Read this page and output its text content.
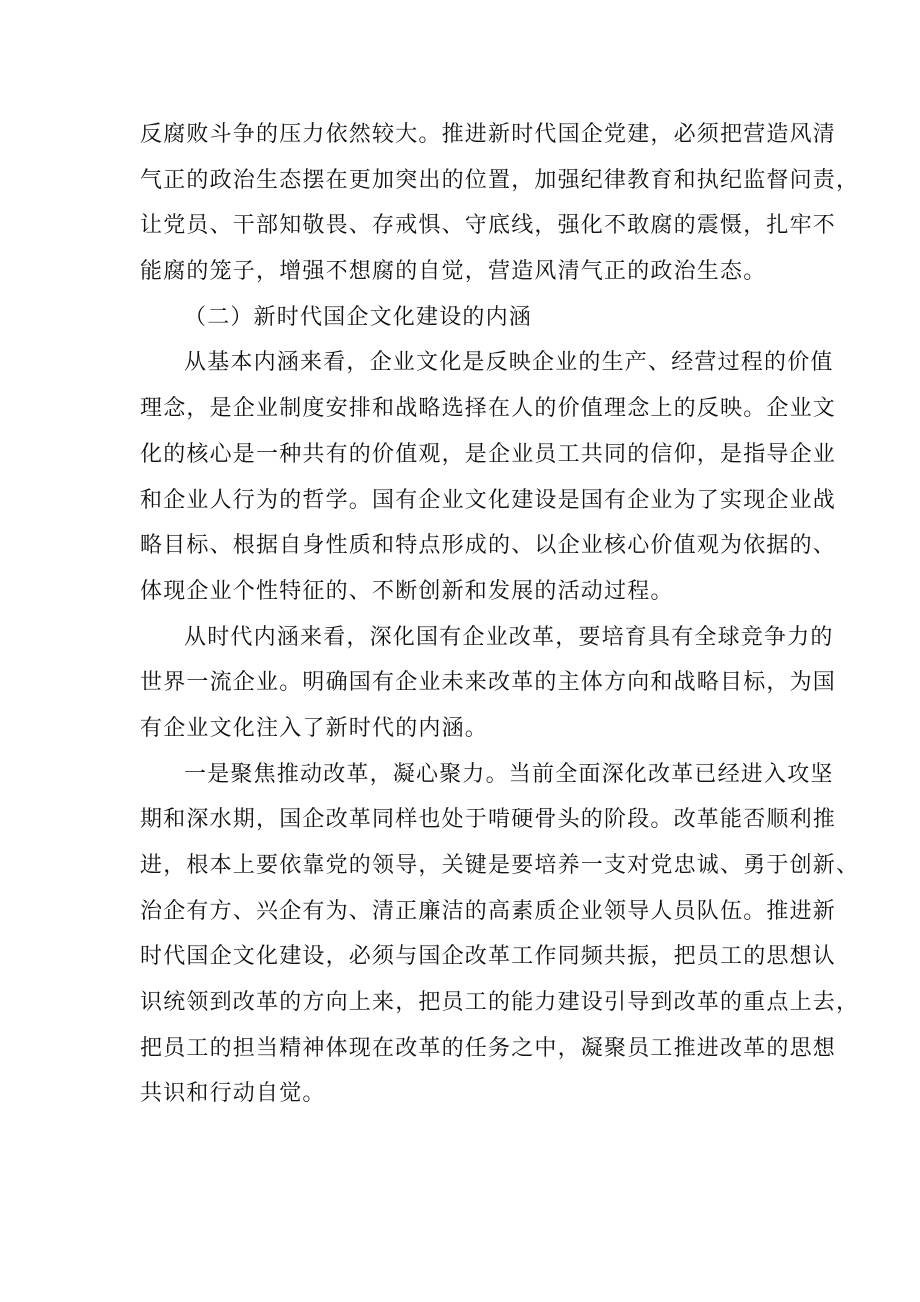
反腐败斗争的压力依然较大。推进新时代国企党建，必须把营造风清
气正的政治生态摆在更加突出的位置，加强纪律教育和执纪监督问责，
让党员、干部知敬畏、存戒惧、守底线，强化不敢腐的震慑，扎牢不
能腐的笼子，增强不想腐的自觉，营造风清气正的政治生态。
（二）新时代国企文化建设的内涵
从基本内涵来看，企业文化是反映企业的生产、经营过程的价值
理念，是企业制度安排和战略选择在人的价值理念上的反映。企业文
化的核心是一种共有的价值观，是企业员工共同的信仰，是指导企业
和企业人行为的哲学。国有企业文化建设是国有企业为了实现企业战
略目标、根据自身性质和特点形成的、以企业核心价值观为依据的、
体现企业个性特征的、不断创新和发展的活动过程。
从时代内涵来看，深化国有企业改革，要培育具有全球竞争力的
世界一流企业。明确国有企业未来改革的主体方向和战略目标，为国
有企业文化注入了新时代的内涵。
一是聚焦推动改革，凝心聚力。当前全面深化改革已经进入攻坚
期和深水期，国企改革同样也处于啃硬骨头的阶段。改革能否顺利推
进，根本上要依靠党的领导，关键是要培养一支对党忠诚、勇于创新、
治企有方、兴企有为、清正廉洁的高素质企业领导人员队伍。推进新
时代国企文化建设，必须与国企改革工作同频共振，把员工的思想认
识统领到改革的方向上来，把员工的能力建设引导到改革的重点上去，
把员工的担当精神体现在改革的任务之中，凝聚员工推进改革的思想
共识和行动自觉。
